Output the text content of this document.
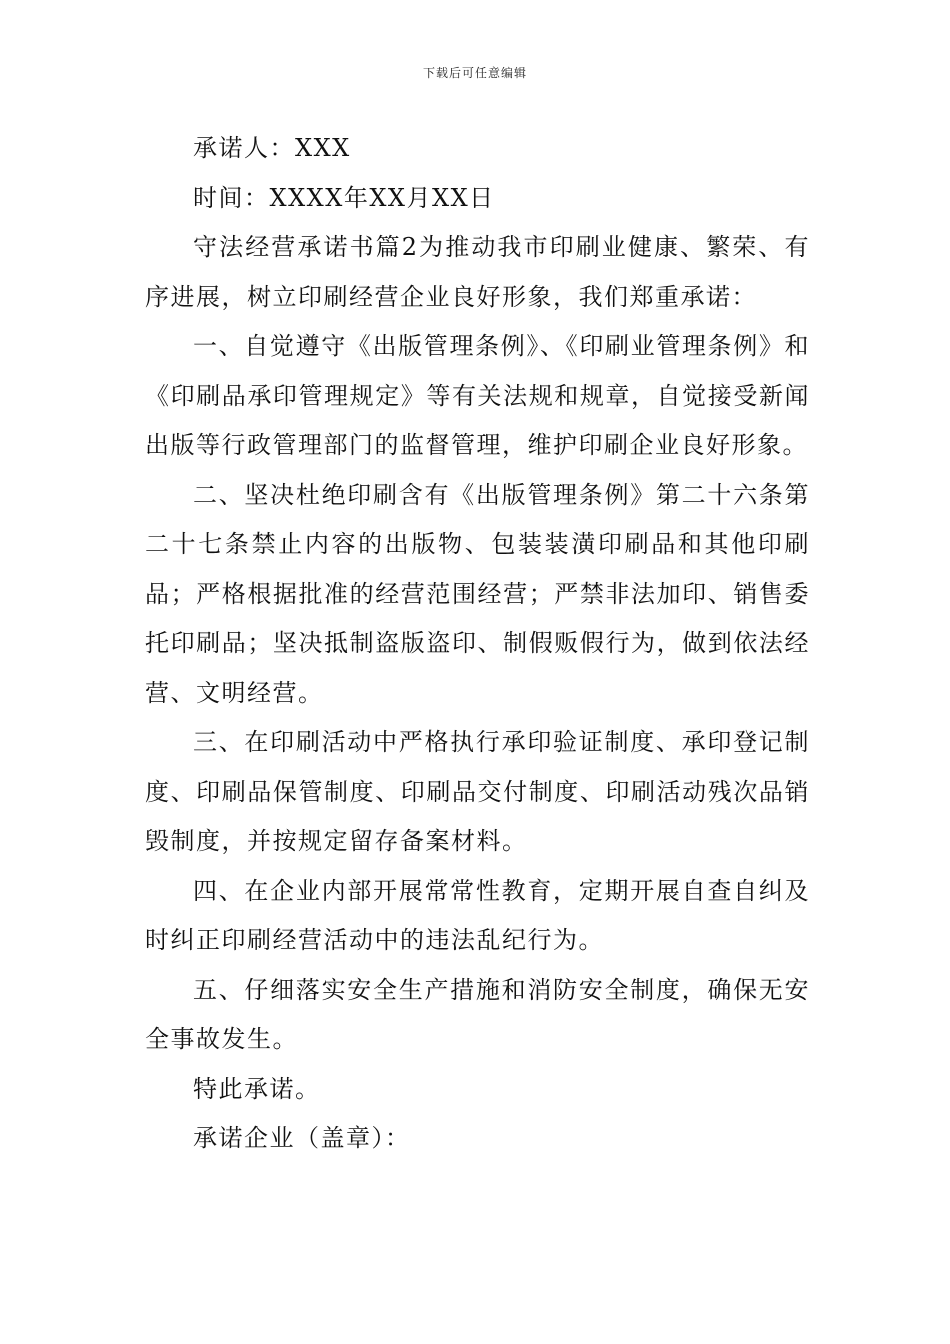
下载后可任意编辑

承诺人：XXX

时间：XXXX年XX月XX日

守法经营承诺书篇2为推动我市印刷业健康、繁荣、有序进展，树立印刷经营企业良好形象，我们郑重承诺：

一、自觉遵守《出版管理条例》、《印刷业管理条例》和《印刷品承印管理规定》等有关法规和规章，自觉接受新闻出版等行政管理部门的监督管理，维护印刷企业良好形象。

二、坚决杜绝印刷含有《出版管理条例》第二十六条第二十七条禁止内容的出版物、包装装潢印刷品和其他印刷品；严格根据批准的经营范围经营；严禁非法加印、销售委托印刷品；坚决抵制盗版盗印、制假贩假行为，做到依法经营、文明经营。

三、在印刷活动中严格执行承印验证制度、承印登记制度、印刷品保管制度、印刷品交付制度、印刷活动残次品销毁制度，并按规定留存备案材料。

四、在企业内部开展常常性教育，定期开展自查自纠及时纠正印刷经营活动中的违法乱纪行为。

五、仔细落实安全生产措施和消防安全制度，确保无安全事故发生。

特此承诺。

承诺企业（盖章）：
